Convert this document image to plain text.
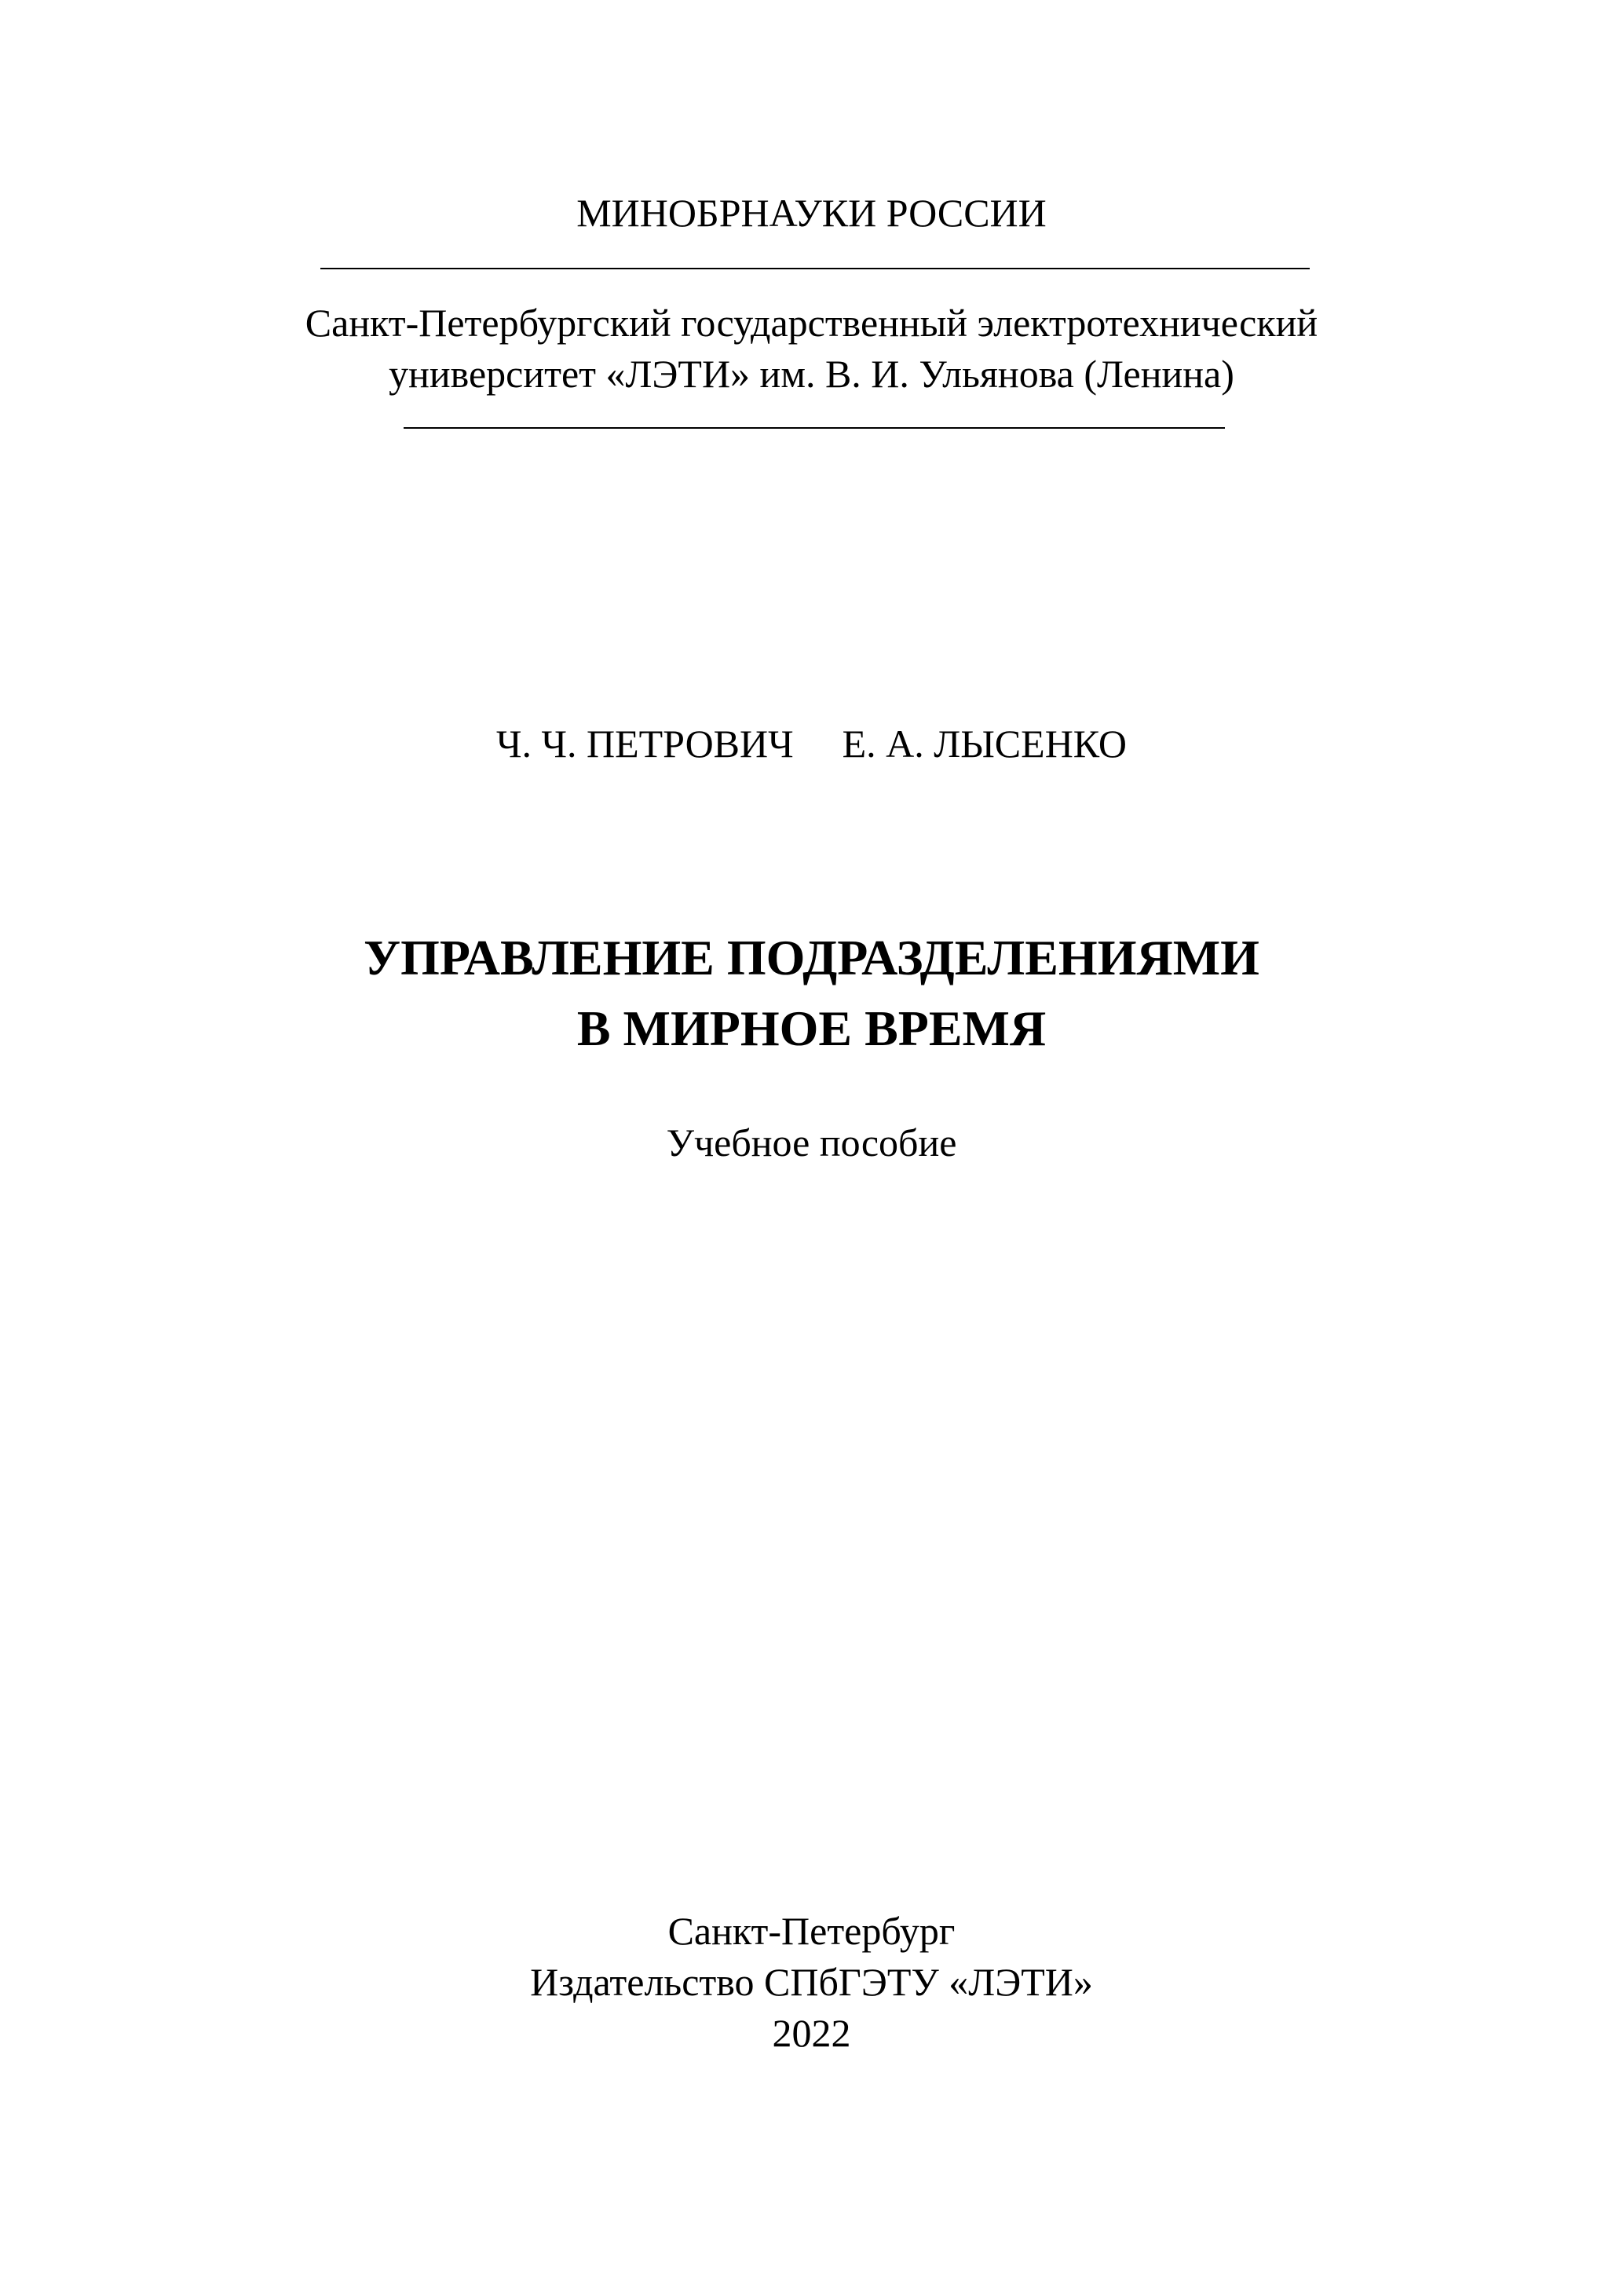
МИНОБРНАУКИ РОССИИ
Санкт-Петербургский государственный электротехнический
университет «ЛЭТИ» им. В. И. Ульянова (Ленина)
Ч. Ч. ПЕТРОВИЧ Е. А. ЛЫСЕНКО
УПРАВЛЕНИЕ ПОДРАЗДЕЛЕНИЯМИ
В МИРНОЕ ВРЕМЯ
Учебное пособие
Санкт-Петербург
Издательство СПбГЭТУ «ЛЭТИ»
2022
